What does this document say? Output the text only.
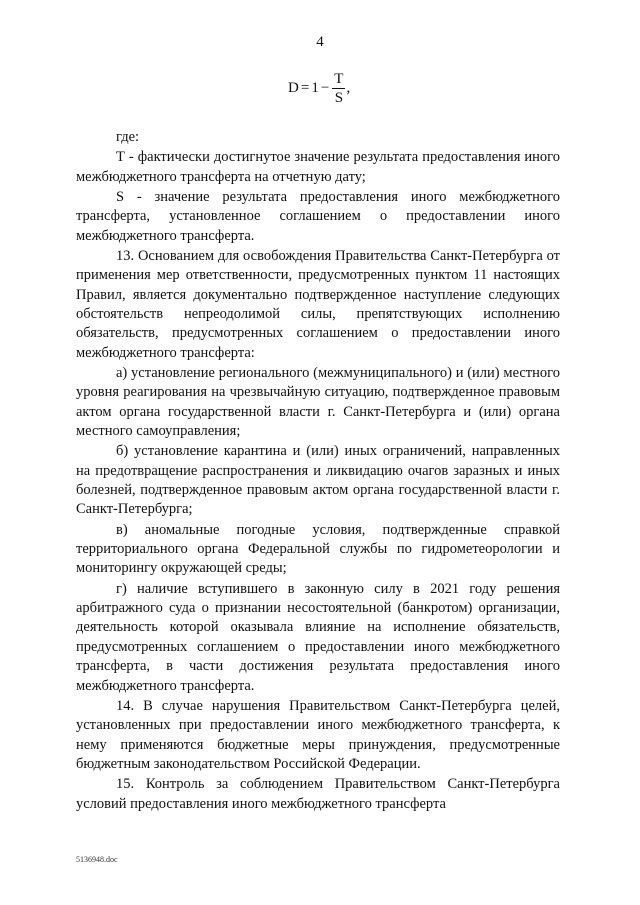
4
$D = 1 - \frac{T}{S}$ ,

где:

Т - фактически достигнутое значение результата предоставления иного межбюджетного трансферта на отчетную дату;

S - значение результата предоставления иного межбюджетного трансферта, установленное соглашением о предоставлении иного межбюджетного трансферта.

13. Основанием для освобождения Правительства Санкт-Петербурга от применения мер ответственности, предусмотренных пунктом 11 настоящих Правил, является документально подтвержденное наступление следующих обстоятельств непреодолимой силы, препятствующих исполнению обязательств, предусмотренных соглашением о предоставлении иного межбюджетного трансферта:

а) установление регионального (межмуниципального) и (или) местного уровня реагирования на чрезвычайную ситуацию, подтвержденное правовым актом органа государственной власти г. Санкт-Петербурга и (или) органа местного самоуправления;

б) установление карантина и (или) иных ограничений, направленных на предотвращение распространения и ликвидацию очагов заразных и иных болезней, подтвержденное правовым актом органа государственной власти г. Санкт-Петербурга;

в) аномальные погодные условия, подтвержденные справкой территориального органа Федеральной службы по гидрометеорологии и мониторингу окружающей среды;

г) наличие вступившего в законную силу в 2021 году решения арбитражного суда о признании несостоятельной (банкротом) организации, деятельность которой оказывала влияние на исполнение обязательств, предусмотренных соглашением о предоставлении иного межбюджетного трансферта, в части достижения результата предоставления иного межбюджетного трансферта.

14. В случае нарушения Правительством Санкт-Петербурга целей, установленных при предоставлении иного межбюджетного трансферта, к нему применяются бюджетные меры принуждения, предусмотренные бюджетным законодательством Российской Федерации.

15. Контроль за соблюдением Правительством Санкт-Петербурга условий предоставления иного межбюджетного трансферта

5136948.doc
